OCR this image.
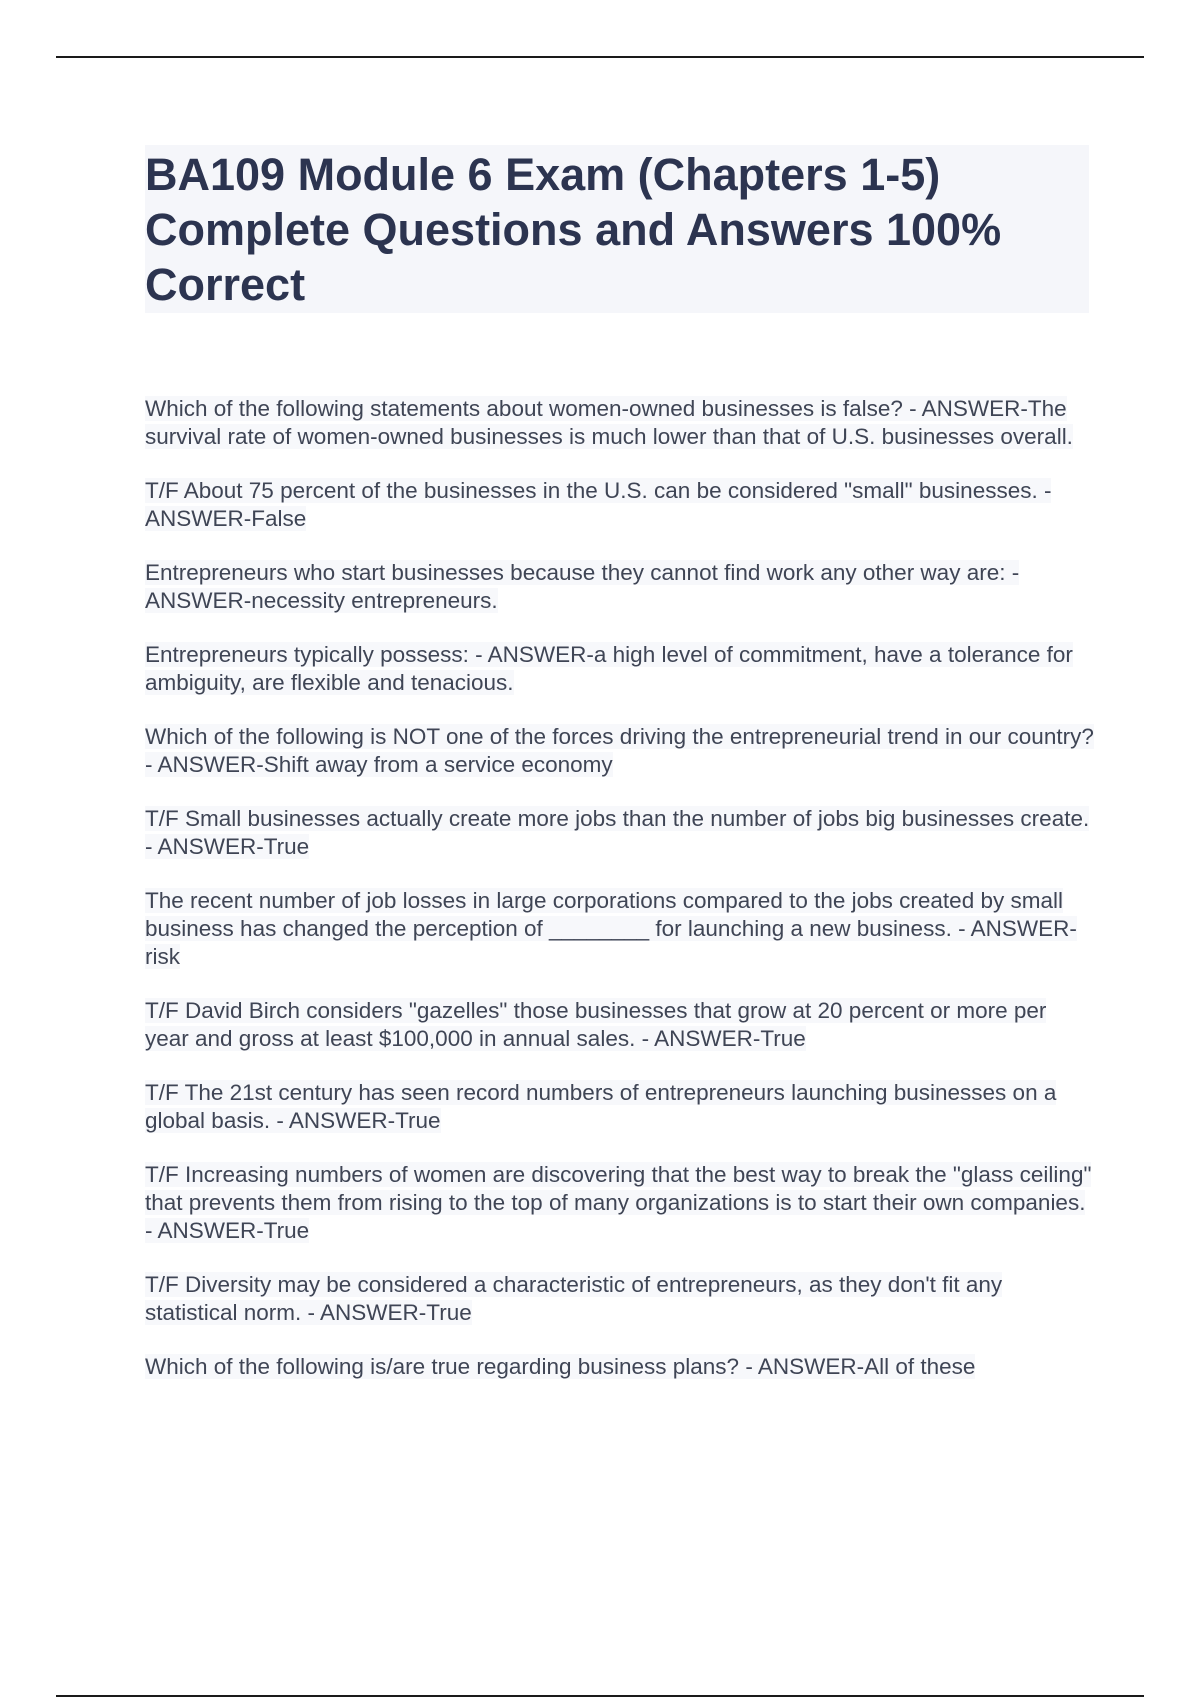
BA109 Module 6 Exam (Chapters 1-5)
Complete Questions and Answers 100%
Correct

Which of the following statements about women-owned businesses is false? - ANSWER-The survival rate of women-owned businesses is much lower than that of U.S. businesses overall.

T/F About 75 percent of the businesses in the U.S. can be considered "small" businesses. - ANSWER-False

Entrepreneurs who start businesses because they cannot find work any other way are: - ANSWER-necessity entrepreneurs.

Entrepreneurs typically possess: - ANSWER-a high level of commitment, have a tolerance for ambiguity, are flexible and tenacious.

Which of the following is NOT one of the forces driving the entrepreneurial trend in our country? - ANSWER-Shift away from a service economy

T/F Small businesses actually create more jobs than the number of jobs big businesses create. - ANSWER-True

The recent number of job losses in large corporations compared to the jobs created by small business has changed the perception of ________ for launching a new business. - ANSWER-risk

T/F David Birch considers "gazelles" those businesses that grow at 20 percent or more per year and gross at least $100,000 in annual sales. - ANSWER-True

T/F The 21st century has seen record numbers of entrepreneurs launching businesses on a global basis. - ANSWER-True

T/F Increasing numbers of women are discovering that the best way to break the "glass ceiling" that prevents them from rising to the top of many organizations is to start their own companies. - ANSWER-True

T/F Diversity may be considered a characteristic of entrepreneurs, as they don't fit any statistical norm. - ANSWER-True

Which of the following is/are true regarding business plans? - ANSWER-All of these
